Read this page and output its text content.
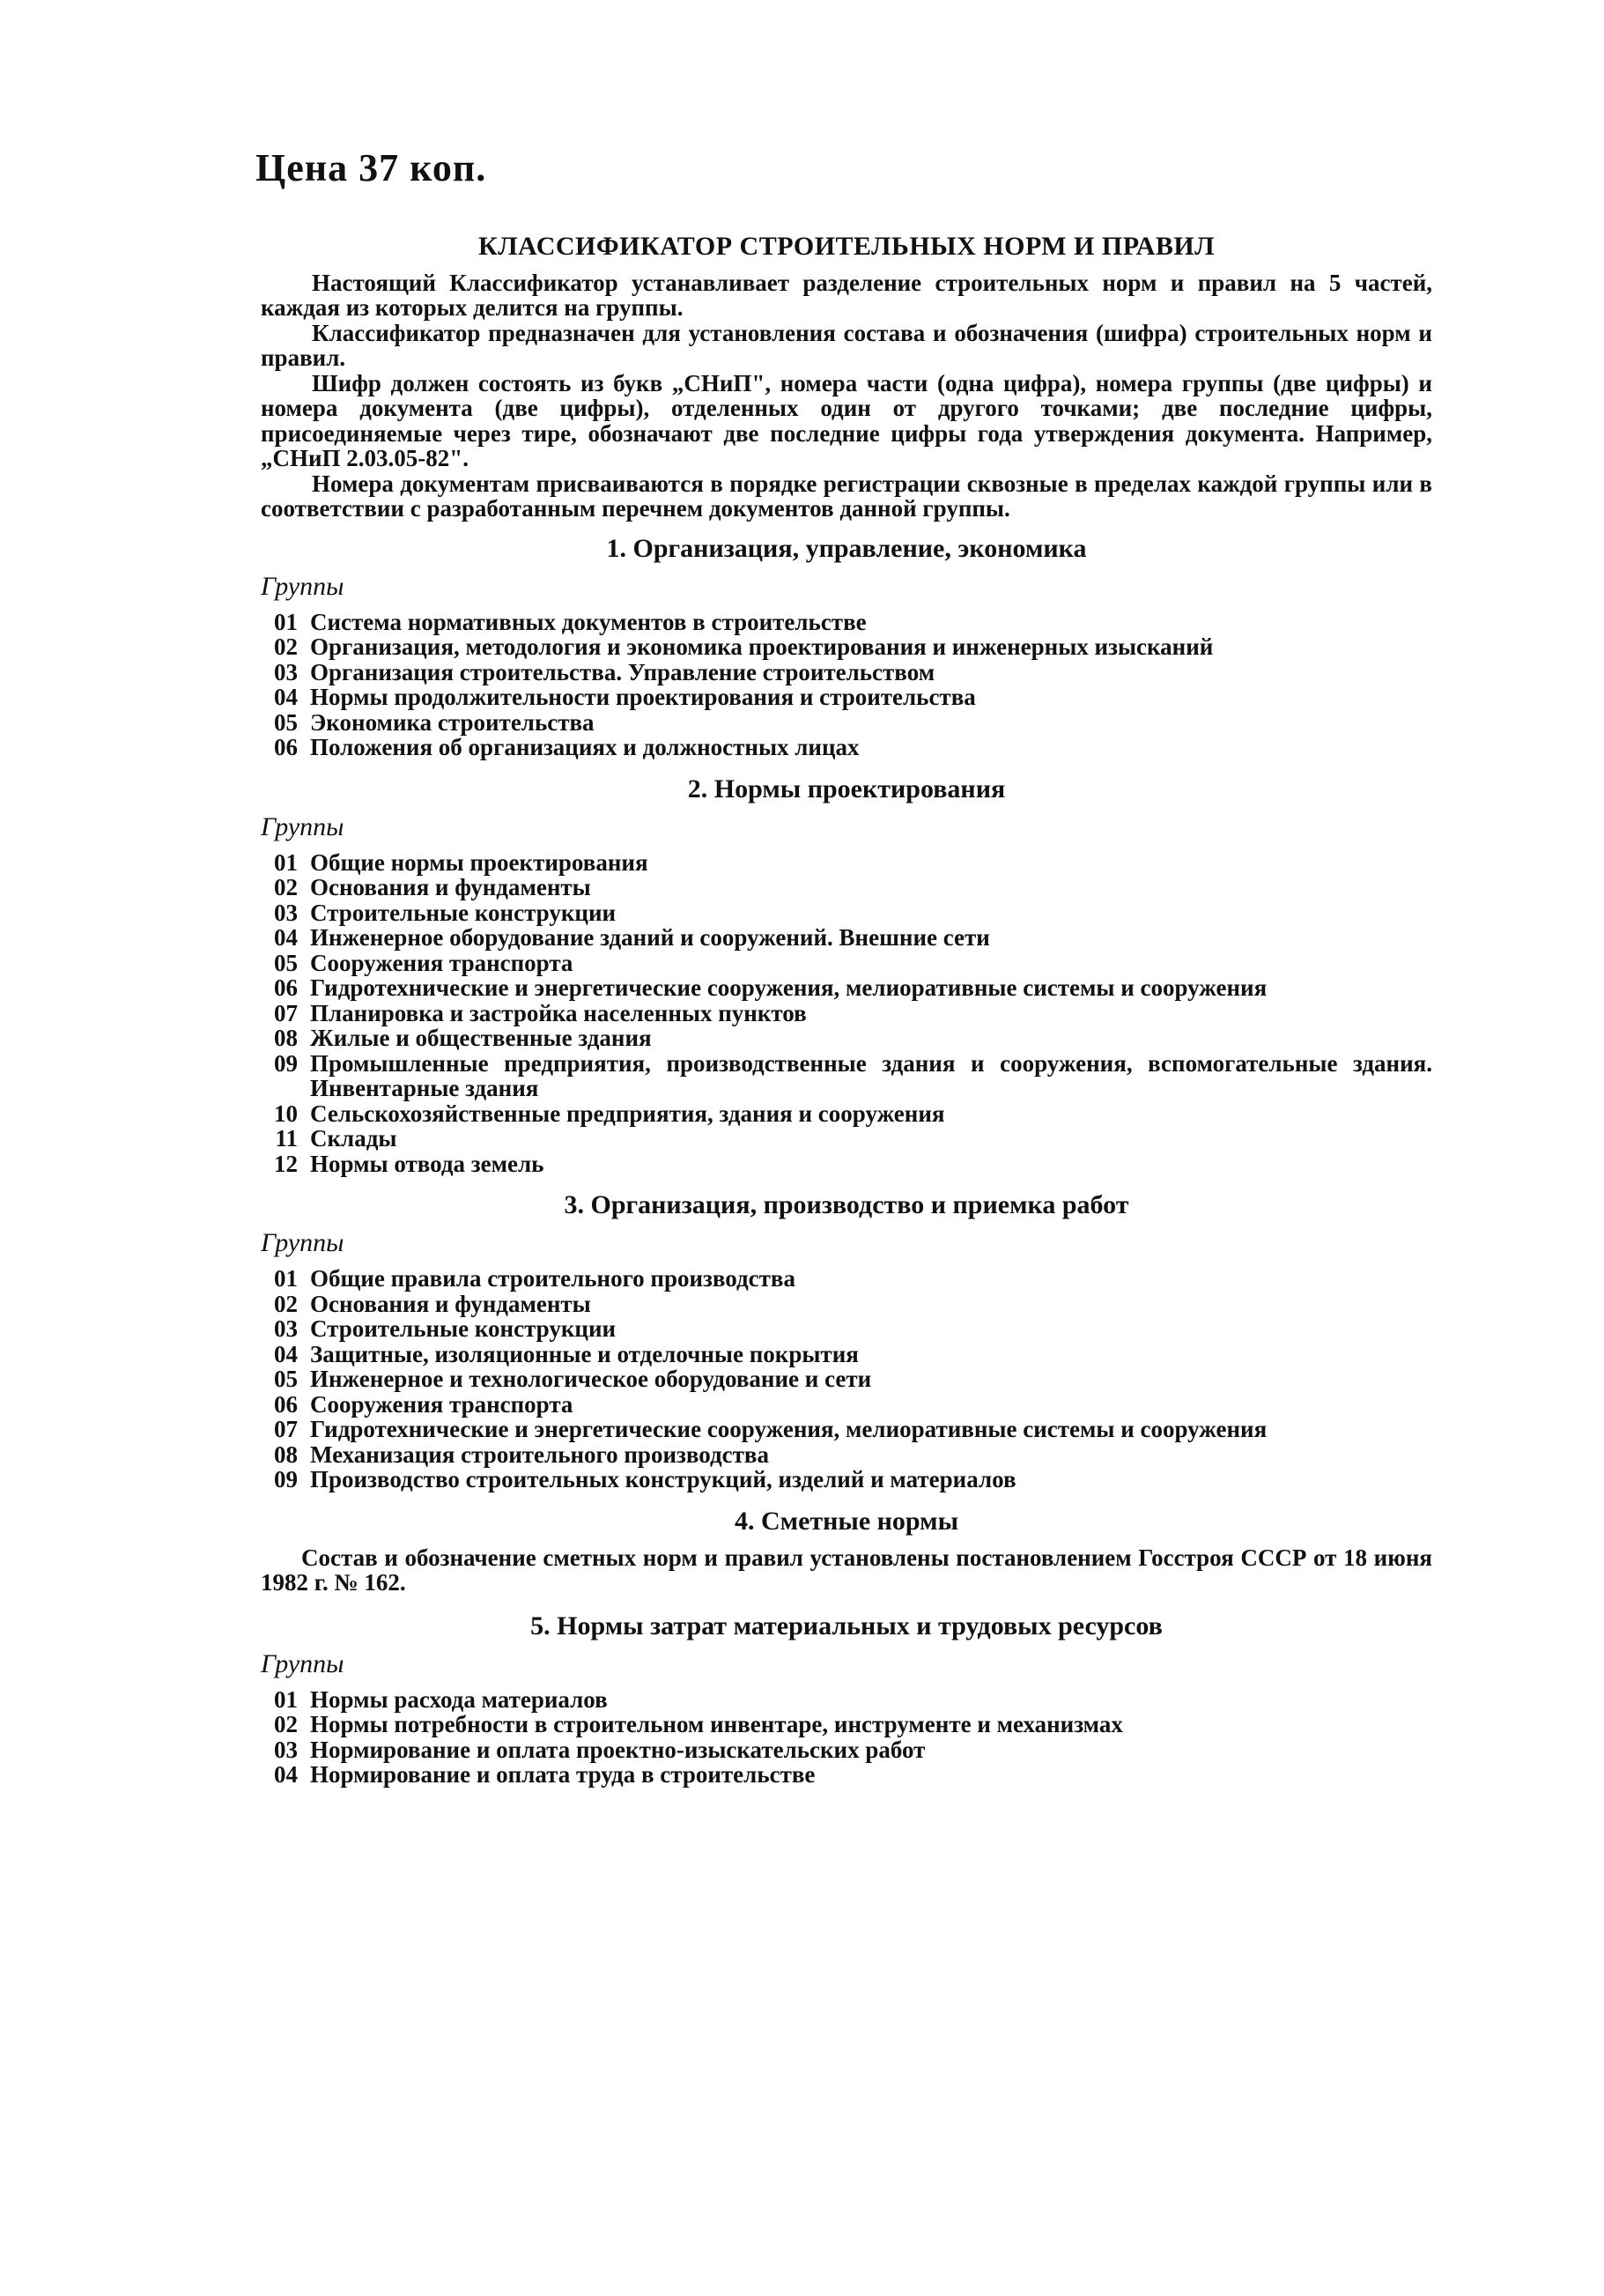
Цена 37 коп.
КЛАССИФИКАТОР СТРОИТЕЛЬНЫХ НОРМ И ПРАВИЛ

Настоящий Классификатор устанавливает разделение строительных норм и правил на 5 частей, каждая из которых делится на группы.

Классификатор предназначен для установления состава и обозначения (шифра) строительных норм и правил.

Шифр должен состоять из букв „СНиП", номера части (одна цифра), номера группы (две цифры) и номера документа (две цифры), отделенных один от другого точками; две последние цифры, присоединяемые через тире, обозначают две последние цифры года утверждения документа. Например, „СНиП 2.03.05-82".

Номера документам присваиваются в порядке регистрации сквозные в пределах каждой группы или в соответствии с разработанным перечнем документов данной группы.

1. Организация, управление, экономика
Группы
01 Система нормативных документов в строительстве
02 Организация, методология и экономика проектирования и инженерных изысканий
03 Организация строительства. Управление строительством
04 Нормы продолжительности проектирования и строительства
05 Экономика строительства
06 Положения об организациях и должностных лицах
2. Нормы проектирования
Группы
01 Общие нормы проектирования
02 Основания и фундаменты
03 Строительные конструкции
04 Инженерное оборудование зданий и сооружений. Внешние сети
05 Сооружения транспорта
06 Гидротехнические и энергетические сооружения, мелиоративные системы и сооружения
07 Планировка и застройка населенных пунктов
08 Жилые и общественные здания
09 Промышленные предприятия, производственные здания и сооружения, вспомогательные здания. Инвентарные здания
10 Сельскохозяйственные предприятия, здания и сооружения
11 Склады
12 Нормы отвода земель
3. Организация, производство и приемка работ
Группы
01 Общие правила строительного производства
02 Основания и фундаменты
03 Строительные конструкции
04 Защитные, изоляционные и отделочные покрытия
05 Инженерное и технологическое оборудование и сети
06 Сооружения транспорта
07 Гидротехнические и энергетические сооружения, мелиоративные системы и сооружения
08 Механизация строительного производства
09 Производство строительных конструкций, изделий и материалов
4. Сметные нормы

Состав и обозначение сметных норм и правил установлены постановлением Госстроя СССР от 18 июня 1982 г. № 162.

5. Нормы затрат материальных и трудовых ресурсов
Группы
01 Нормы расхода материалов
02 Нормы потребности в строительном инвентаре, инструменте и механизмах
03 Нормирование и оплата проектно-изыскательских работ
04 Нормирование и оплата труда в строительстве
